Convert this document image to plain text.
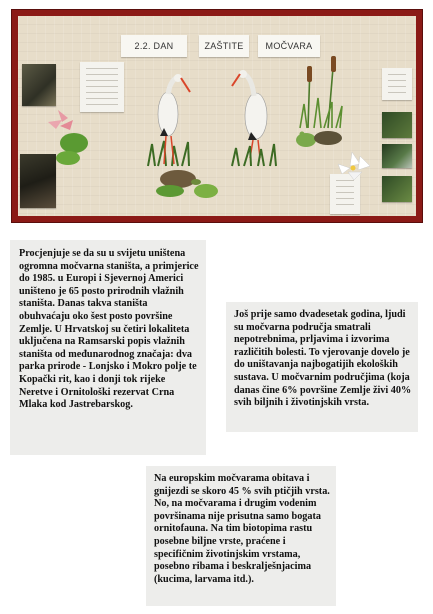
2.2. DAN	ZAŠTITE	MOČVARA

Procjenjuje se da su u svijetu uništena ogromna močvarna staništa, a primjerice do 1985. u Europi i Sjevernoj Americi uništeno je 65 posto prirodnih vlažnih staništa. Danas takva staništa obuhvaćaju oko šest posto površine Zemlje. U Hrvatskoj su četiri lokaliteta uključena na Ramsarski popis vlažnih staništa od međunarodnog značaja: dva parka prirode - Lonjsko i Mokro polje te Kopački rit, kao i donji tok rijeke Neretve i Ornitološki rezervat Crna Mlaka kod Jastrebarskog.

Još prije samo dvadesetak godina, ljudi su močvarna područja smatrali nepotrebnima, prljavima i izvorima različitih bolesti. To vjerovanje dovelo je do uništavanja najbogatijih ekoloških sustava. U močvarnim područjima (koja danas čine 6% površine Zemlje živi 40% svih biljnih i životinjskih vrsta.

Na europskim močvarama obitava i gnijezdi se skoro 45 % svih ptičjih vrsta. No, na močvarama i drugim vodenim površinama nije prisutna samo bogata ornitofauna. Na tim biotopima rastu posebne biljne vrste, praćene i specifičnim životinjskim vrstama, posebno ribama i beskralješnjacima (kucima, larvama itd.).
